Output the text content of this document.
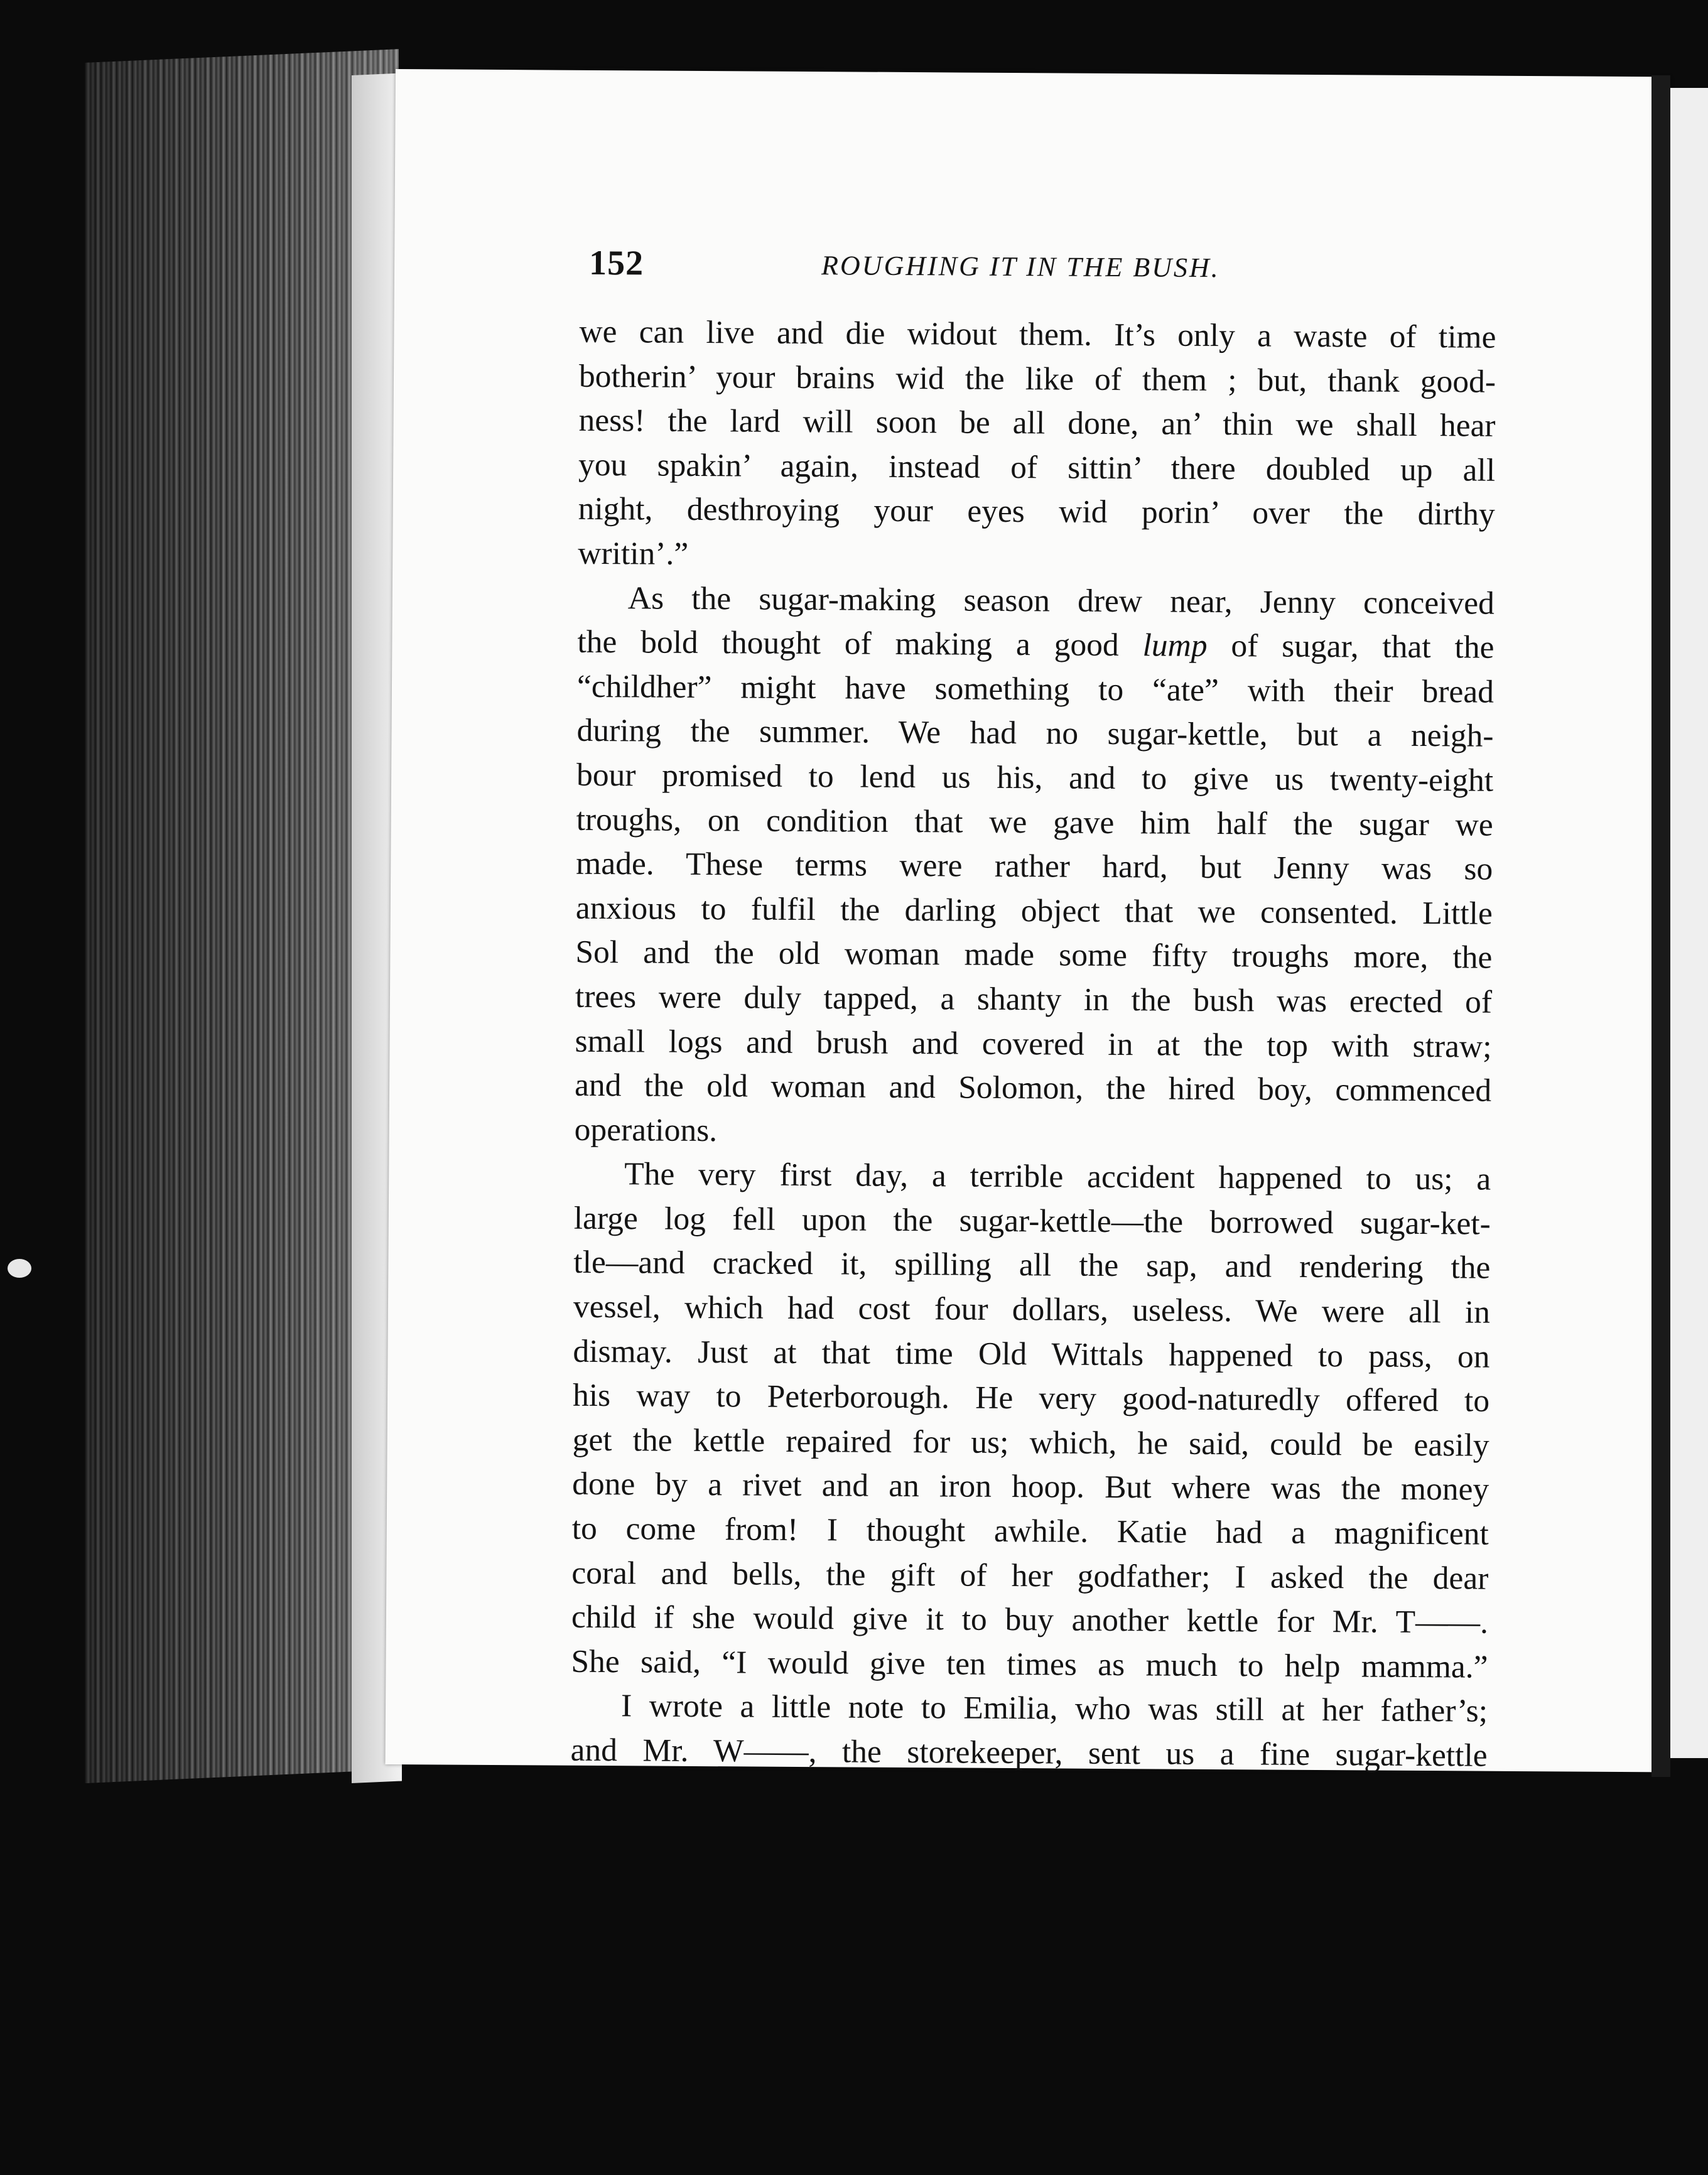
152	ROUGHING IT IN THE BUSH.
we can live and die widout them. It’s only a waste of time
botherin’ your brains wid the like of them ; but, thank good-
ness! the lard will soon be all done, an’ thin we shall hear
you spakin’ again, instead of sittin’ there doubled up all
night, desthroying your eyes wid porin’ over the dirthy
writin’.”
As the sugar-making season drew near, Jenny conceived
the bold thought of making a good lump of sugar, that the
“childher” might have something to “ate” with their bread
during the summer. We had no sugar-kettle, but a neigh-
bour promised to lend us his, and to give us twenty-eight
troughs, on condition that we gave him half the sugar we
made. These terms were rather hard, but Jenny was so
anxious to fulfil the darling object that we consented. Little
Sol and the old woman made some fifty troughs more, the
trees were duly tapped, a shanty in the bush was erected of
small logs and brush and covered in at the top with straw;
and the old woman and Solomon, the hired boy, commenced
operations.
The very first day, a terrible accident happened to us; a
large log fell upon the sugar-kettle—the borrowed sugar-ket-
tle—and cracked it, spilling all the sap, and rendering the
vessel, which had cost four dollars, useless. We were all in
dismay. Just at that time Old Wittals happened to pass, on
his way to Peterborough. He very good-naturedly offered to
get the kettle repaired for us; which, he said, could be easily
done by a rivet and an iron hoop. But where was the money
to come from! I thought awhile. Katie had a magnificent
coral and bells, the gift of her godfather; I asked the dear
child if she would give it to buy another kettle for Mr. T——.
She said, “I would give ten times as much to help mamma.”
I wrote a little note to Emilia, who was still at her father’s;
and Mr. W——, the storekeeper, sent us a fine sugar-kettle
